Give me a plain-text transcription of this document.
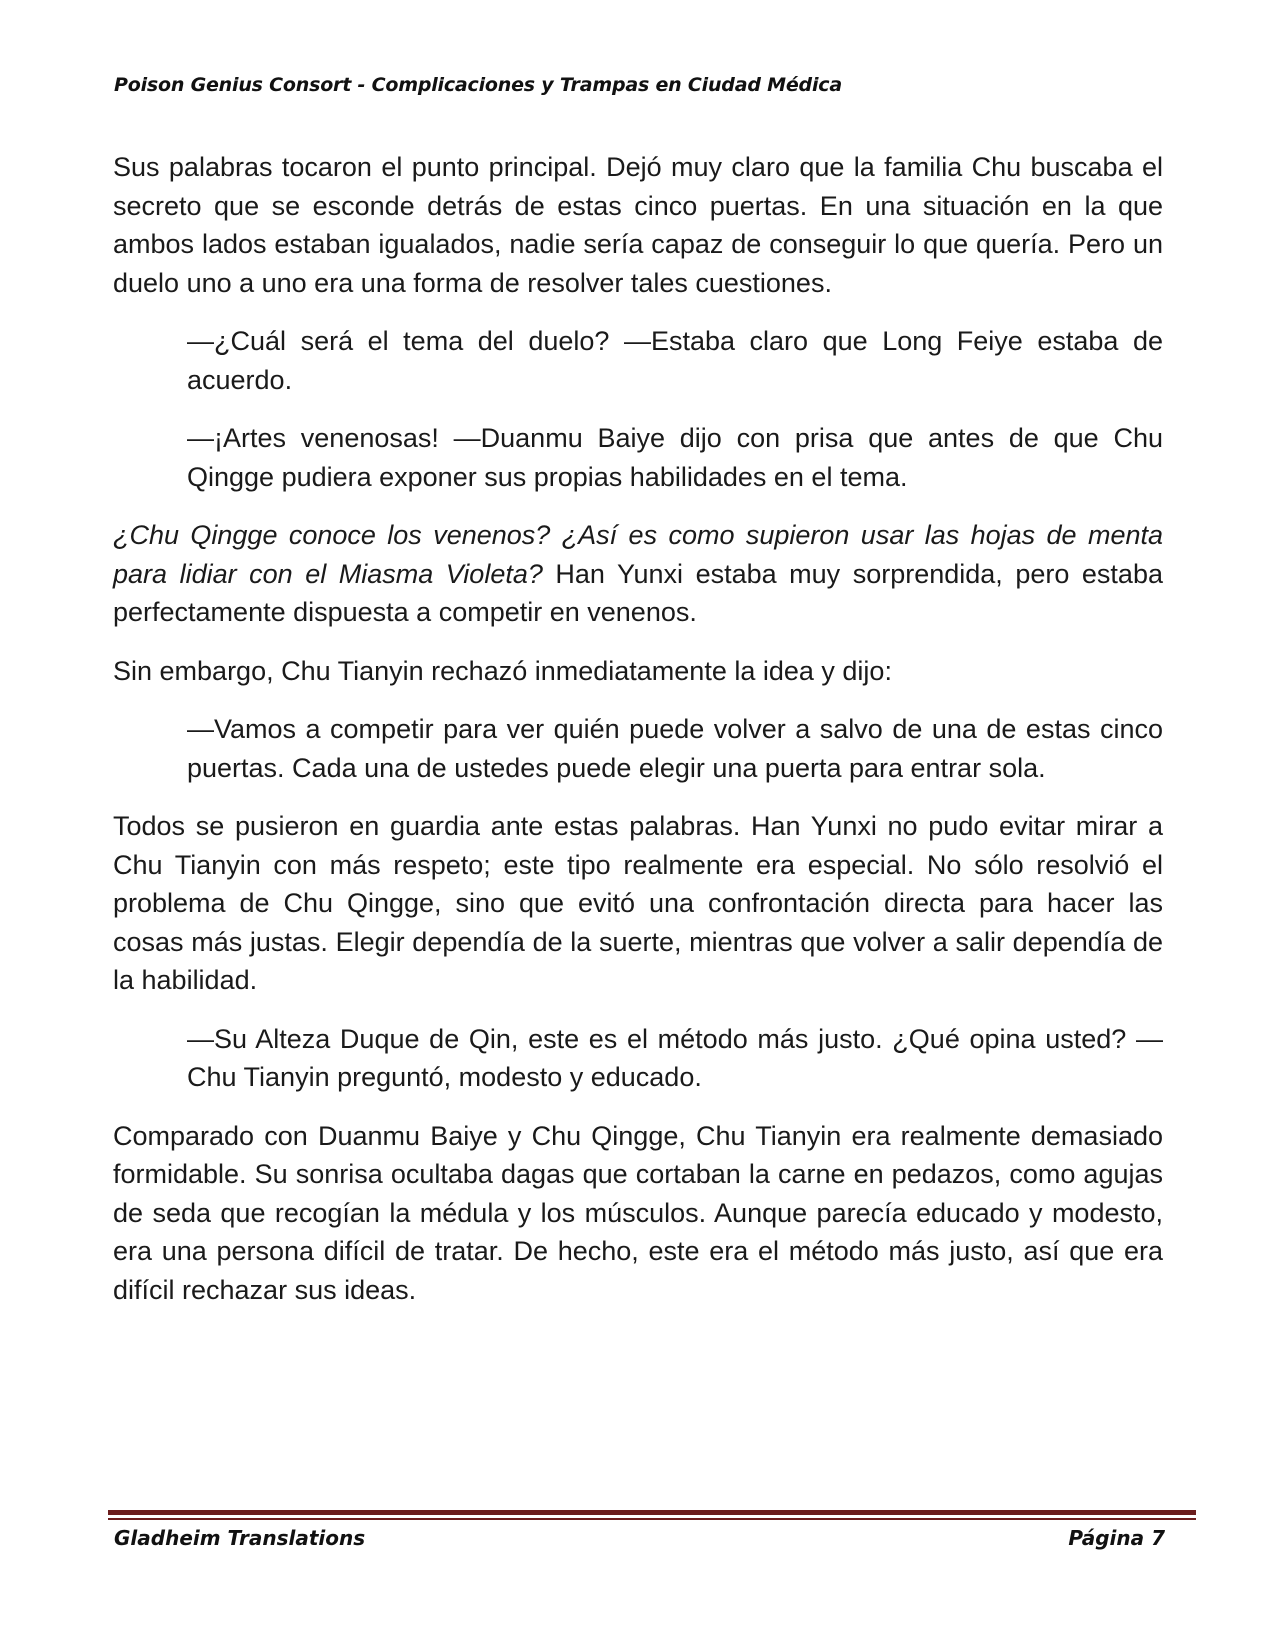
Poison Genius Consort - Complicaciones y Trampas en Ciudad Médica

Sus palabras tocaron el punto principal. Dejó muy claro que la familia Chu buscaba el secreto que se esconde detrás de estas cinco puertas. En una situación en la que ambos lados estaban igualados, nadie sería capaz de conseguir lo que quería. Pero un duelo uno a uno era una forma de resolver tales cuestiones.

—¿Cuál será el tema del duelo? —Estaba claro que Long Feiye estaba de acuerdo.

—¡Artes venenosas! —Duanmu Baiye dijo con prisa que antes de que Chu Qingge pudiera exponer sus propias habilidades en el tema.

¿Chu Qingge conoce los venenos? ¿Así es como supieron usar las hojas de menta para lidiar con el Miasma Violeta? Han Yunxi estaba muy sorprendida, pero estaba perfectamente dispuesta a competir en venenos.

Sin embargo, Chu Tianyin rechazó inmediatamente la idea y dijo:

—Vamos a competir para ver quién puede volver a salvo de una de estas cinco puertas. Cada una de ustedes puede elegir una puerta para entrar sola.

Todos se pusieron en guardia ante estas palabras. Han Yunxi no pudo evitar mirar a Chu Tianyin con más respeto; este tipo realmente era especial. No sólo resolvió el problema de Chu Qingge, sino que evitó una confrontación directa para hacer las cosas más justas. Elegir dependía de la suerte, mientras que volver a salir dependía de la habilidad.

—Su Alteza Duque de Qin, este es el método más justo. ¿Qué opina usted? —Chu Tianyin preguntó, modesto y educado.

Comparado con Duanmu Baiye y Chu Qingge, Chu Tianyin era realmente demasiado formidable. Su sonrisa ocultaba dagas que cortaban la carne en pedazos, como agujas de seda que recogían la médula y los músculos. Aunque parecía educado y modesto, era una persona difícil de tratar. De hecho, este era el método más justo, así que era difícil rechazar sus ideas.

Gladheim Translations	Página 7
